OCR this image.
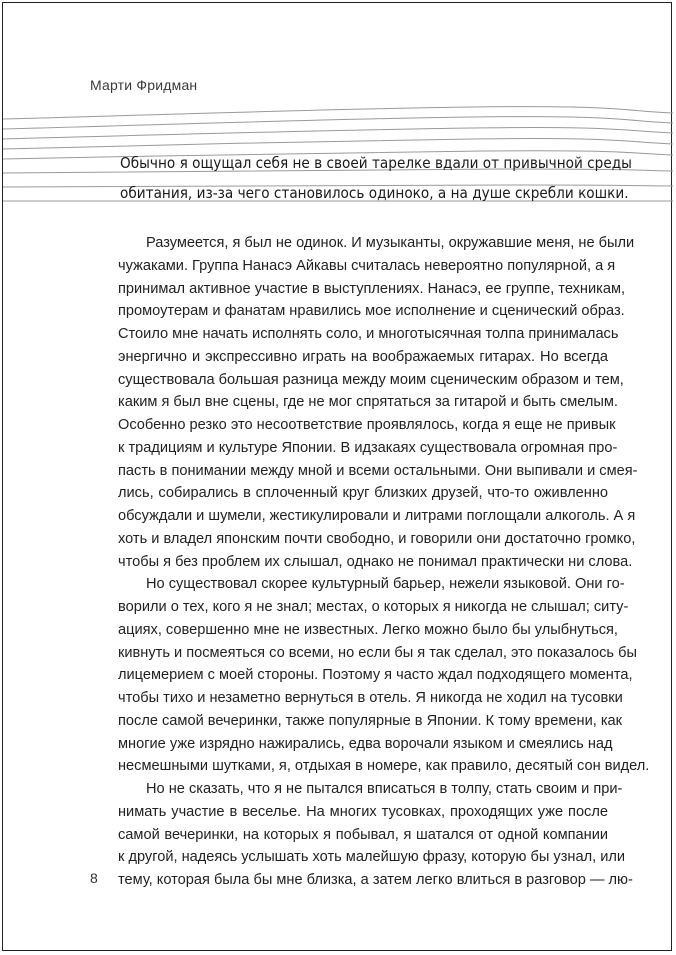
Марти Фридман
Обычно я ощущал себя не в своей тарелке вдали от привычной среды
обитания, из-за чего становилось одиноко, а на душе скребли кошки.
Разумеется, я был не одинок. И музыканты, окружавшие меня, не были
чужаками. Группа Нанасэ Айкавы считалась невероятно популярной, а я
принимал активное участие в выступлениях. Нанасэ, ее группе, техникам,
промоутерам и фанатам нравились мое исполнение и сценический образ.
Стоило мне начать исполнять соло, и многотысячная толпа принималась
энергично и экспрессивно играть на воображаемых гитарах. Но всегда
существовала большая разница между моим сценическим образом и тем,
каким я был вне сцены, где не мог спрятаться за гитарой и быть смелым.
Особенно резко это несоответствие проявлялось, когда я еще не привык
к традициям и культуре Японии. В идзакаях существовала огромная про-
пасть в понимании между мной и всеми остальными. Они выпивали и смея-
лись, собирались в сплоченный круг близких друзей, что-то оживленно
обсуждали и шумели, жестикулировали и литрами поглощали алкоголь. А я
хоть и владел японским почти свободно, и говорили они достаточно громко,
чтобы я без проблем их слышал, однако не понимал практически ни слова.
Но существовал скорее культурный барьер, нежели языковой. Они го-
ворили о тех, кого я не знал; местах, о которых я никогда не слышал; ситу-
ациях, совершенно мне не известных. Легко можно было бы улыбнуться,
кивнуть и посмеяться со всеми, но если бы я так сделал, это показалось бы
лицемерием с моей стороны. Поэтому я часто ждал подходящего момента,
чтобы тихо и незаметно вернуться в отель. Я никогда не ходил на тусовки
после самой вечеринки, также популярные в Японии. К тому времени, как
многие уже изрядно нажирались, едва ворочали языком и смеялись над
несмешными шутками, я, отдыхая в номере, как правило, десятый сон видел.
Но не сказать, что я не пытался вписаться в толпу, стать своим и при-
нимать участие в веселье. На многих тусовках, проходящих уже после
самой вечеринки, на которых я побывал, я шатался от одной компании
к другой, надеясь услышать хоть малейшую фразу, которую бы узнал, или
тему, которая была бы мне близка, а затем легко влиться в разговор — лю-
8
